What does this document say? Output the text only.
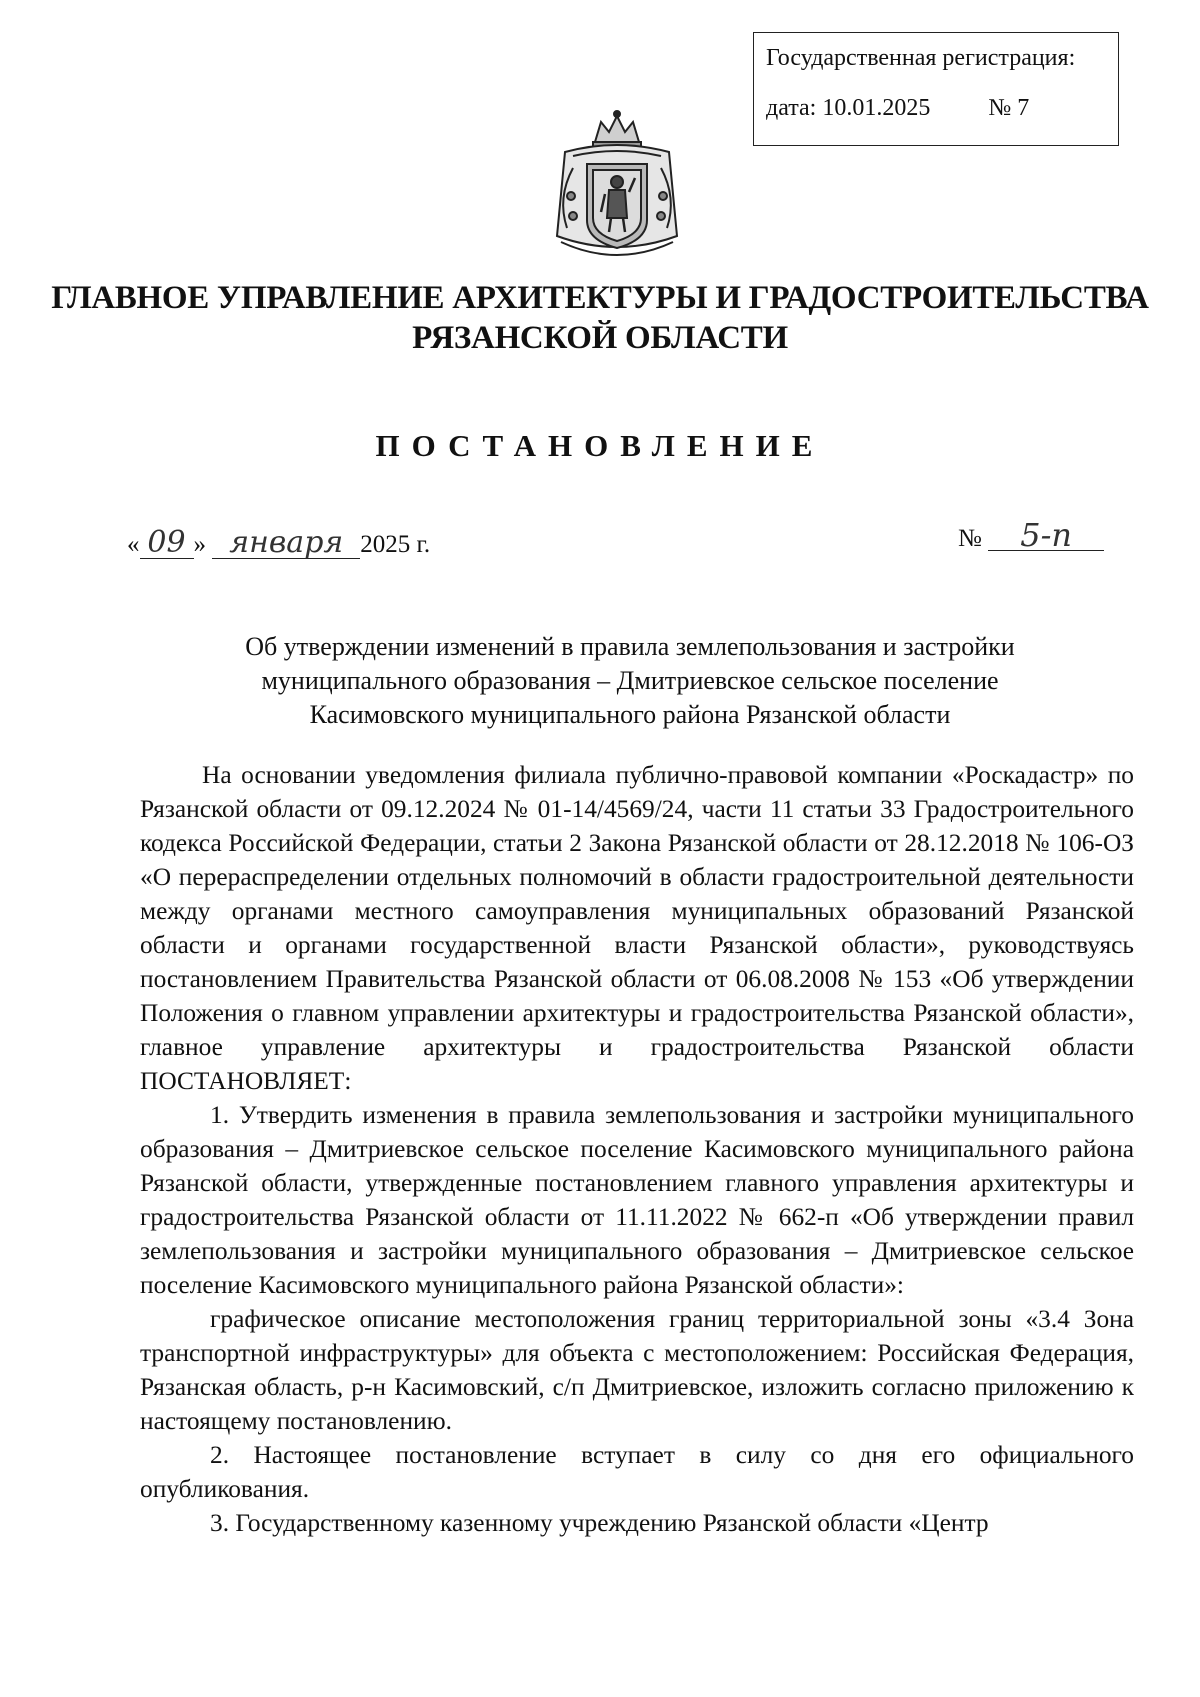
Государственная регистрация:
дата: 10.01.2025 № 7
ГЛАВНОЕ УПРАВЛЕНИЕ АРХИТЕКТУРЫ И ГРАДОСТРОИТЕЛЬСТВА
РЯЗАНСКОЙ ОБЛАСТИ
ПОСТАНОВЛЕНИЕ
« 09 » января 2025 г.	№ 5-п
Об утверждении изменений в правила землепользования и застройки
муниципального образования – Дмитриевское сельское поселение
Касимовского муниципального района Рязанской области

На основании уведомления филиала публично-правовой компании «Роскадастр» по Рязанской области от 09.12.2024 № 01-14/4569/24, части 11 статьи 33 Градостроительного кодекса Российской Федерации, статьи 2 Закона Рязанской области от 28.12.2018 № 106-ОЗ «О перераспределении отдельных полномочий в области градостроительной деятельности между органами местного самоуправления муниципальных образований Рязанской области и органами государственной власти Рязанской области», руководствуясь постановлением Правительства Рязанской области от 06.08.2008 № 153 «Об утверждении Положения о главном управлении архитектуры и градостроительства Рязанской области», главное управление архитектуры и градостроительства Рязанской области ПОСТАНОВЛЯЕТ:

1. Утвердить изменения в правила землепользования и застройки муниципального образования – Дмитриевское сельское поселение Касимовского муниципального района Рязанской области, утвержденные постановлением главного управления архитектуры и градостроительства Рязанской области от 11.11.2022 № 662-п «Об утверждении правил землепользования и застройки муниципального образования – Дмитриевское сельское поселение Касимовского муниципального района Рязанской области»:

графическое описание местоположения границ территориальной зоны «3.4 Зона транспортной инфраструктуры» для объекта с местоположением: Российская Федерация, Рязанская область, р-н Касимовский, с/п Дмитриевское, изложить согласно приложению к настоящему постановлению.

2. Настоящее постановление вступает в силу со дня его официального опубликования.

3. Государственному казенному учреждению Рязанской области «Центр
